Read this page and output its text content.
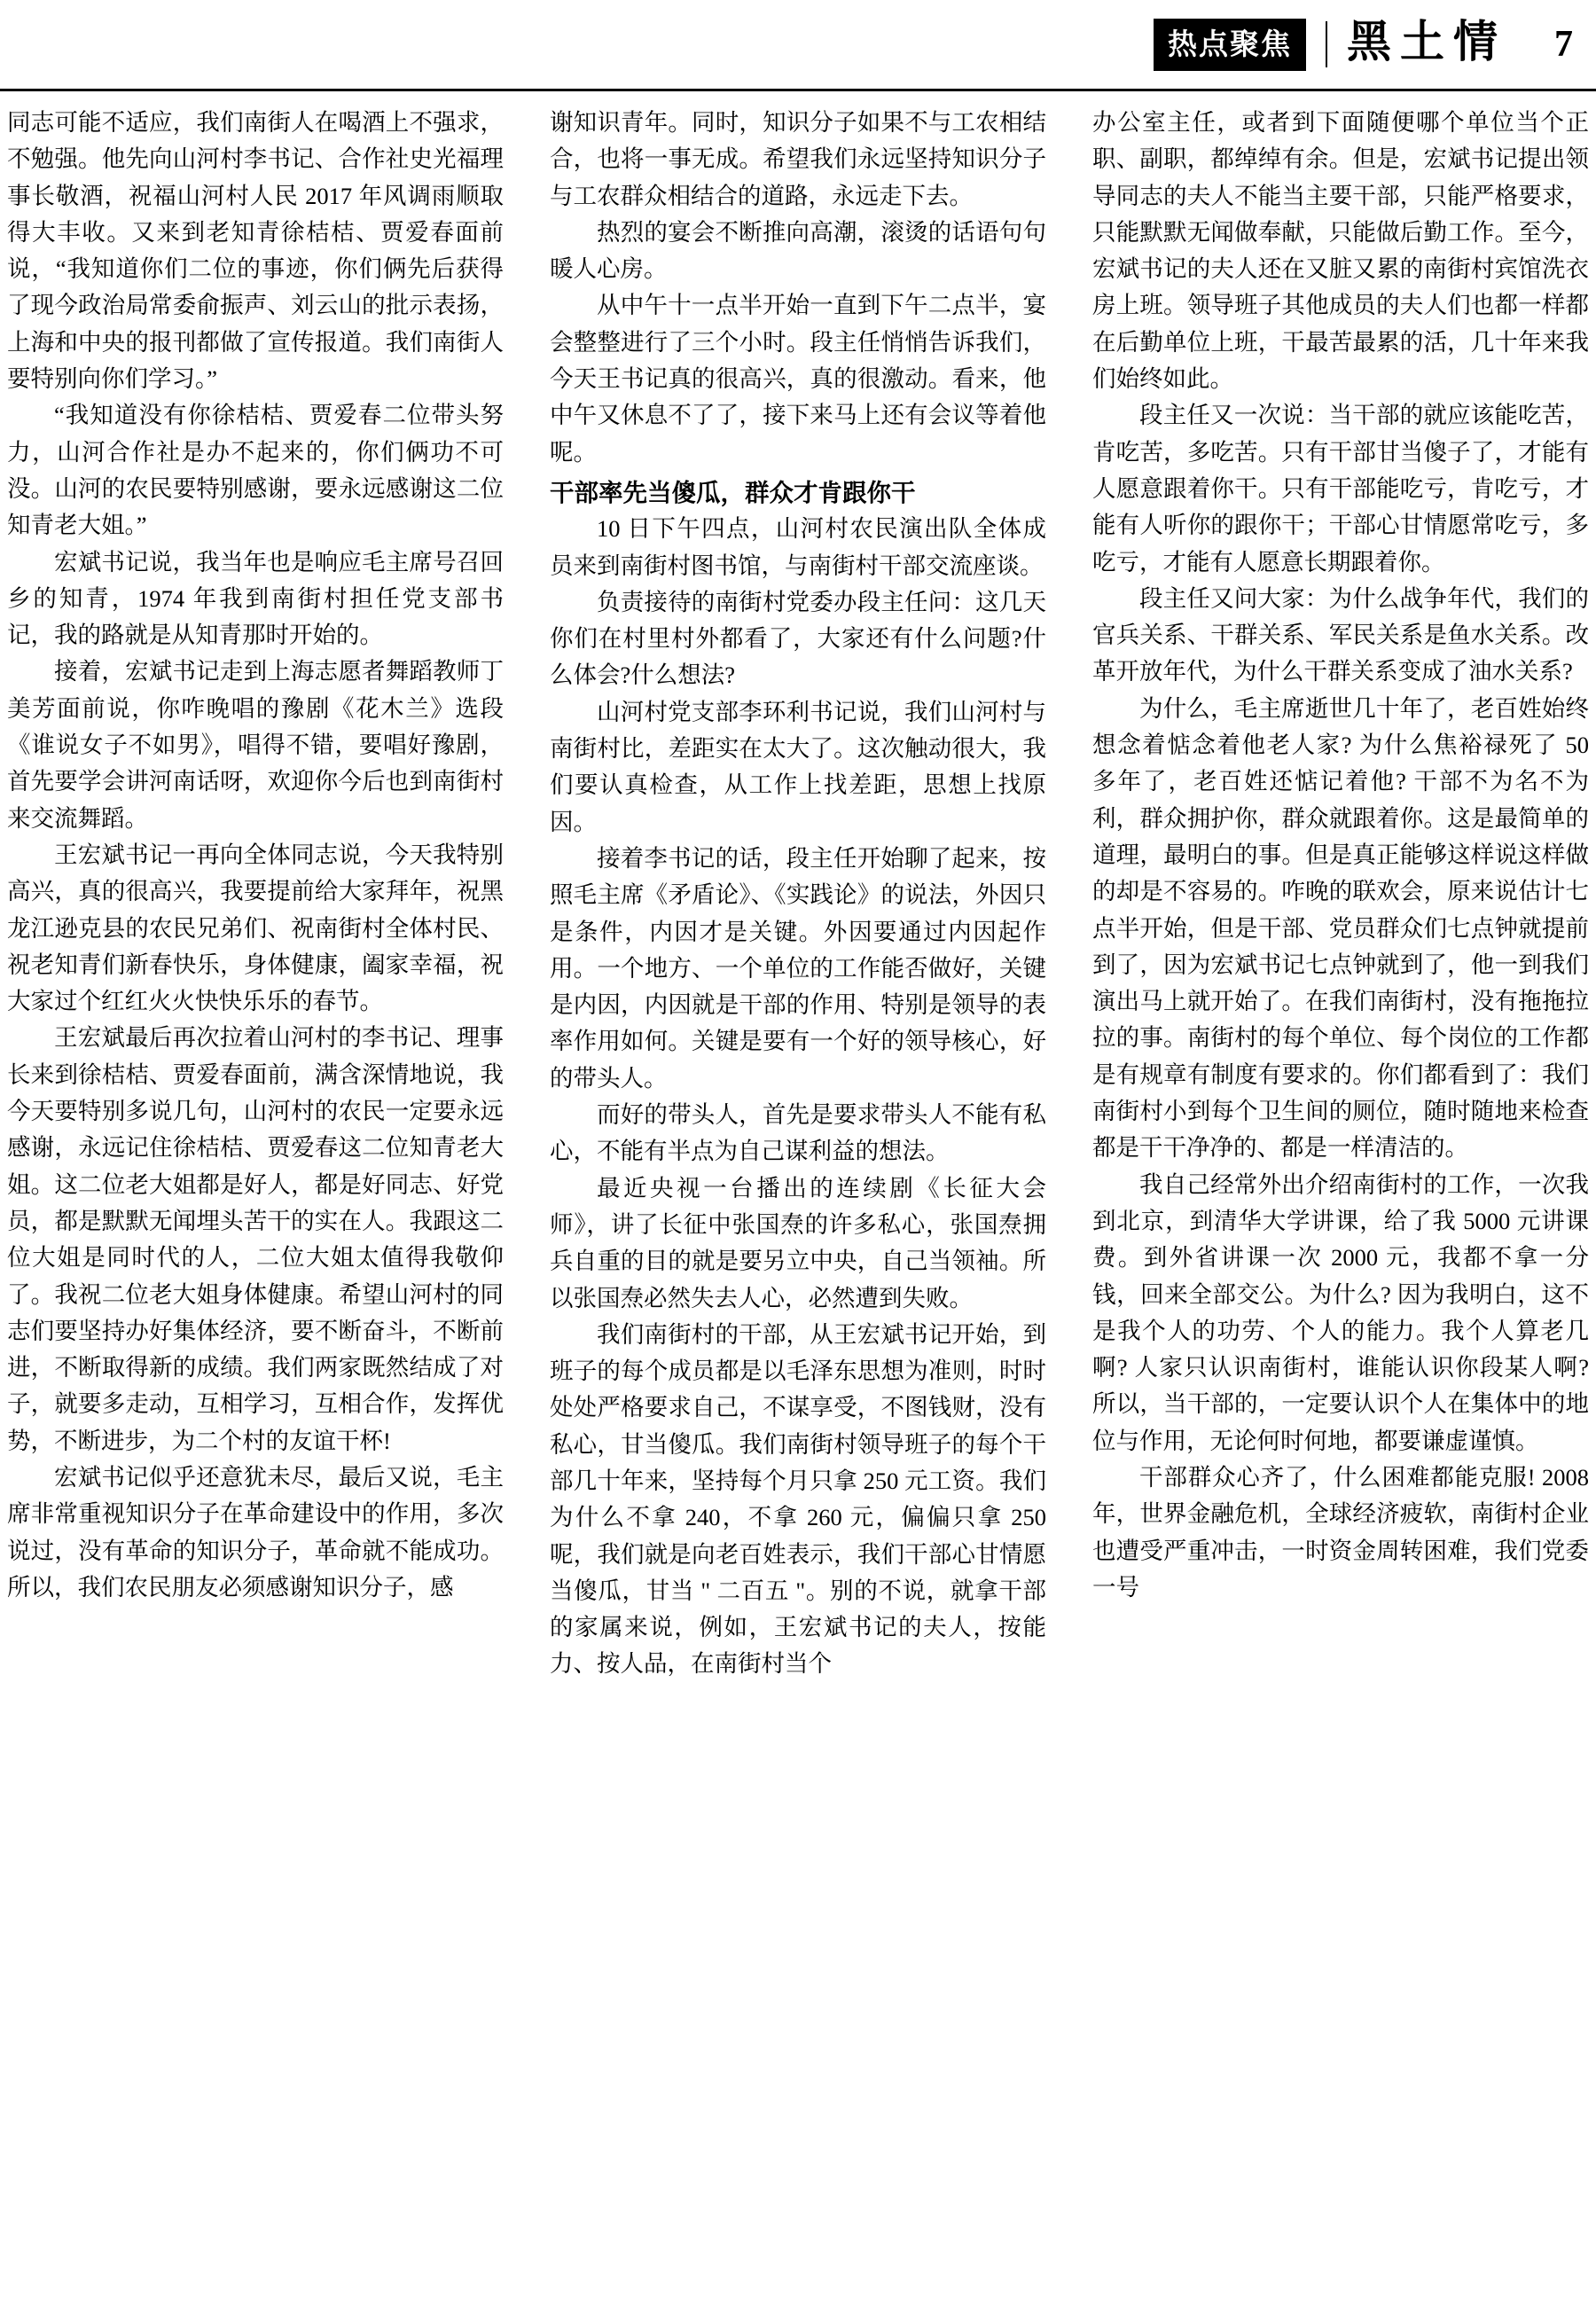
热点聚焦	黑土情 7

同志可能不适应，我们南街人在喝酒上不强求，不勉强。他先向山河村李书记、合作社史光福理事长敬酒，祝福山河村人民 2017 年风调雨顺取得大丰收。又来到老知青徐桔桔、贾爱春面前说，“我知道你们二位的事迹，你们俩先后获得了现今政治局常委俞振声、刘云山的批示表扬，上海和中央的报刊都做了宣传报道。我们南街人要特别向你们学习。”

“我知道没有你徐桔桔、贾爱春二位带头努力，山河合作社是办不起来的，你们俩功不可没。山河的农民要特别感谢，要永远感谢这二位知青老大姐。”

宏斌书记说，我当年也是响应毛主席号召回乡的知青，1974 年我到南街村担任党支部书记，我的路就是从知青那时开始的。

接着，宏斌书记走到上海志愿者舞蹈教师丁美芳面前说，你咋晚唱的豫剧《花木兰》选段《谁说女子不如男》，唱得不错，要唱好豫剧，首先要学会讲河南话呀，欢迎你今后也到南街村来交流舞蹈。

王宏斌书记一再向全体同志说，今天我特别高兴，真的很高兴，我要提前给大家拜年，祝黑龙江逊克县的农民兄弟们、祝南街村全体村民、祝老知青们新春快乐，身体健康，阖家幸福，祝大家过个红红火火快快乐乐的春节。

王宏斌最后再次拉着山河村的李书记、理事长来到徐桔桔、贾爱春面前，满含深情地说，我今天要特别多说几句，山河村的农民一定要永远感谢，永远记住徐桔桔、贾爱春这二位知青老大姐。这二位老大姐都是好人，都是好同志、好党员，都是默默无闻埋头苦干的实在人。我跟这二位大姐是同时代的人，二位大姐太值得我敬仰了。我祝二位老大姐身体健康。希望山河村的同志们要坚持办好集体经济，要不断奋斗，不断前进，不断取得新的成绩。我们两家既然结成了对子，就要多走动，互相学习，互相合作，发挥优势，不断进步，为二个村的友谊干杯!

宏斌书记似乎还意犹未尽，最后又说，毛主席非常重视知识分子在革命建设中的作用，多次说过，没有革命的知识分子，革命就不能成功。所以，我们农民朋友必须感谢知识分子，感

谢知识青年。同时，知识分子如果不与工农相结合，也将一事无成。希望我们永远坚持知识分子与工农群众相结合的道路，永远走下去。

热烈的宴会不断推向高潮，滚烫的话语句句暖人心房。

从中午十一点半开始一直到下午二点半，宴会整整进行了三个小时。段主任悄悄告诉我们，今天王书记真的很高兴，真的很激动。看来，他中午又休息不了了，接下来马上还有会议等着他呢。

干部率先当傻瓜，群众才肯跟你干

10 日下午四点，山河村农民演出队全体成员来到南街村图书馆，与南街村干部交流座谈。

负责接待的南街村党委办段主任问：这几天你们在村里村外都看了，大家还有什么问题?什么体会?什么想法?

山河村党支部李环利书记说，我们山河村与南街村比，差距实在太大了。这次触动很大，我们要认真检查，从工作上找差距，思想上找原因。

接着李书记的话，段主任开始聊了起来，按照毛主席《矛盾论》、《实践论》的说法，外因只是条件，内因才是关键。外因要通过内因起作用。一个地方、一个单位的工作能否做好，关键是内因，内因就是干部的作用、特别是领导的表率作用如何。关键是要有一个好的领导核心，好的带头人。

而好的带头人，首先是要求带头人不能有私心，不能有半点为自己谋利益的想法。

最近央视一台播出的连续剧《长征大会师》，讲了长征中张国焘的许多私心，张国焘拥兵自重的目的就是要另立中央，自己当领袖。所以张国焘必然失去人心，必然遭到失败。

我们南街村的干部，从王宏斌书记开始，到班子的每个成员都是以毛泽东思想为准则，时时处处严格要求自己，不谋享受，不图钱财，没有私心，甘当傻瓜。我们南街村领导班子的每个干部几十年来，坚持每个月只拿 250 元工资。我们为什么不拿 240，不拿 260 元，偏偏只拿 250 呢，我们就是向老百姓表示，我们干部心甘情愿当傻瓜，甘当 " 二百五 "。别的不说，就拿干部的家属来说，例如，王宏斌书记的夫人，按能力、按人品，在南街村当个

办公室主任，或者到下面随便哪个单位当个正职、副职，都绰绰有余。但是，宏斌书记提出领导同志的夫人不能当主要干部，只能严格要求，只能默默无闻做奉献，只能做后勤工作。至今，宏斌书记的夫人还在又脏又累的南街村宾馆洗衣房上班。领导班子其他成员的夫人们也都一样都在后勤单位上班，干最苦最累的活，几十年来我们始终如此。

段主任又一次说：当干部的就应该能吃苦，肯吃苦，多吃苦。只有干部甘当傻子了，才能有人愿意跟着你干。只有干部能吃亏，肯吃亏，才能有人听你的跟你干；干部心甘情愿常吃亏，多吃亏，才能有人愿意长期跟着你。

段主任又问大家：为什么战争年代，我们的官兵关系、干群关系、军民关系是鱼水关系。改革开放年代，为什么干群关系变成了油水关系?

为什么，毛主席逝世几十年了，老百姓始终想念着惦念着他老人家? 为什么焦裕禄死了 50 多年了，老百姓还惦记着他? 干部不为名不为利，群众拥护你，群众就跟着你。这是最简单的道理，最明白的事。但是真正能够这样说这样做的却是不容易的。咋晚的联欢会，原来说估计七点半开始，但是干部、党员群众们七点钟就提前到了，因为宏斌书记七点钟就到了，他一到我们演出马上就开始了。在我们南街村，没有拖拖拉拉的事。南街村的每个单位、每个岗位的工作都是有规章有制度有要求的。你们都看到了：我们南街村小到每个卫生间的厕位，随时随地来检查都是干干净净的、都是一样清洁的。

我自己经常外出介绍南街村的工作，一次我到北京，到清华大学讲课，给了我 5000 元讲课费。到外省讲课一次 2000 元，我都不拿一分钱，回来全部交公。为什么? 因为我明白，这不是我个人的功劳、个人的能力。我个人算老几啊? 人家只认识南街村，谁能认识你段某人啊? 所以，当干部的，一定要认识个人在集体中的地位与作用，无论何时何地，都要谦虚谨慎。

干部群众心齐了，什么困难都能克服! 2008 年，世界金融危机，全球经济疲软，南街村企业也遭受严重冲击，一时资金周转困难，我们党委一号
